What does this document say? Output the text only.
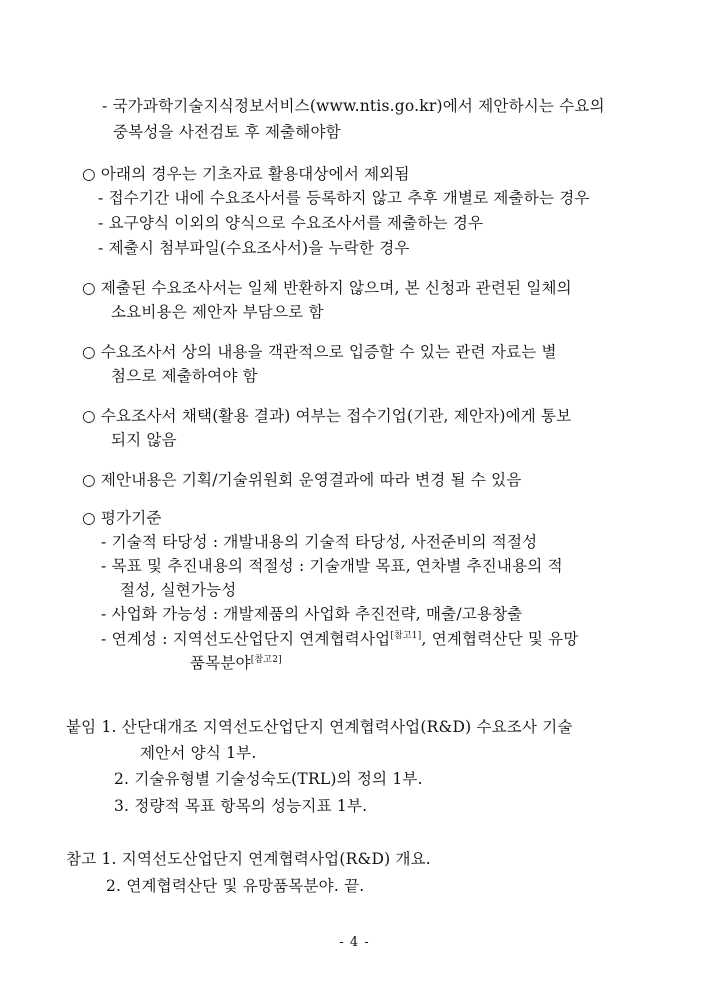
- 국가과학기술지식정보서비스(www.ntis.go.kr)에서 제안하시는 수요의
중복성을 사전검토 후 제출해야함
○ 아래의 경우는 기초자료 활용대상에서 제외됨
- 접수기간 내에 수요조사서를 등록하지 않고 추후 개별로 제출하는 경우
- 요구양식 이외의 양식으로 수요조사서를 제출하는 경우
- 제출시 첨부파일(수요조사서)을 누락한 경우
○ 제출된 수요조사서는 일체 반환하지 않으며, 본 신청과 관련된 일체의
소요비용은 제안자 부담으로 함
○ 수요조사서 상의 내용을 객관적으로 입증할 수 있는 관련 자료는 별
첨으로 제출하여야 함
○ 수요조사서 채택(활용 결과) 여부는 접수기업(기관, 제안자)에게 통보
되지 않음
○ 제안내용은 기획/기술위원회 운영결과에 따라 변경 될 수 있음
○ 평가기준
- 기술적 타당성 : 개발내용의 기술적 타당성, 사전준비의 적절성
- 목표 및 추진내용의 적절성 : 기술개발 목표, 연차별 추진내용의 적
절성, 실현가능성
- 사업화 가능성 : 개발제품의 사업화 추진전략, 매출/고용창출
- 연계성 : 지역선도산업단지 연계협력사업[참고1], 연계협력산단 및 유망
품목분야[참고2]
붙임 1. 산단대개조 지역선도산업단지 연계협력사업(R&D) 수요조사 기술
제안서 양식 1부.
2. 기술유형별 기술성숙도(TRL)의 정의 1부.
3. 정량적 목표 항목의 성능지표 1부.
참고 1. 지역선도산업단지 연계협력사업(R&D) 개요.
2. 연계협력산단 및 유망품목분야. 끝.
- 4 -
